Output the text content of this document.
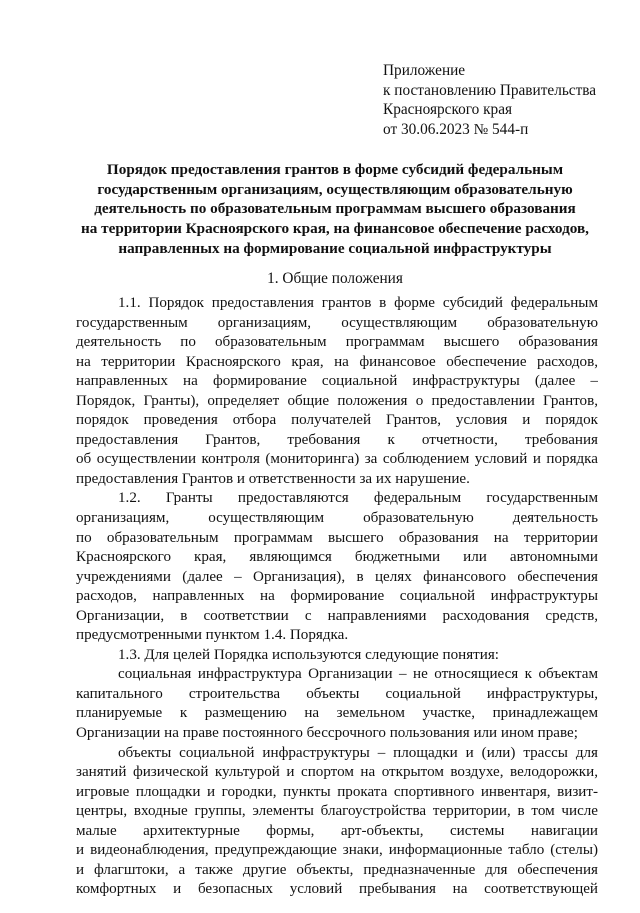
Приложение
к постановлению Правительства
Красноярского края
от 30.06.2023 № 544-п
Порядок предоставления грантов в форме субсидий федеральным
государственным организациям, осуществляющим образовательную
деятельность по образовательным программам высшего образования
на территории Красноярского края, на финансовое обеспечение расходов,
направленных на формирование социальной инфраструктуры
1. Общие положения
1.1. Порядок предоставления грантов в форме субсидий федеральным
государственным организациям, осуществляющим образовательную
деятельность по образовательным программам высшего образования
на территории Красноярского края, на финансовое обеспечение расходов,
направленных на формирование социальной инфраструктуры (далее –
Порядок, Гранты), определяет общие положения о предоставлении Грантов,
порядок проведения отбора получателей Грантов, условия и порядок
предоставления Грантов, требования к отчетности, требования
об осуществлении контроля (мониторинга) за соблюдением условий и порядка
предоставления Грантов и ответственности за их нарушение.
1.2. Гранты предоставляются федеральным государственным
организациям, осуществляющим образовательную деятельность
по образовательным программам высшего образования на территории
Красноярского края, являющимся бюджетными или автономными
учреждениями (далее – Организация), в целях финансового обеспечения
расходов, направленных на формирование социальной инфраструктуры
Организации, в соответствии с направлениями расходования средств,
предусмотренными пунктом 1.4. Порядка.
1.3. Для целей Порядка используются следующие понятия:
социальная инфраструктура Организации – не относящиеся к объектам
капитального строительства объекты социальной инфраструктуры,
планируемые к размещению на земельном участке, принадлежащем
Организации на праве постоянного бессрочного пользования или ином праве;
объекты социальной инфраструктуры – площадки и (или) трассы для
занятий физической культурой и спортом на открытом воздухе, велодорожки,
игровые площадки и городки, пункты проката спортивного инвентаря, визит-
центры, входные группы, элементы благоустройства территории, в том числе
малые архитектурные формы, арт-объекты, системы навигации
и видеонаблюдения, предупреждающие знаки, информационные табло (стелы)
и флагштоки, а также другие объекты, предназначенные для обеспечения
комфортных и безопасных условий пребывания на соответствующей
